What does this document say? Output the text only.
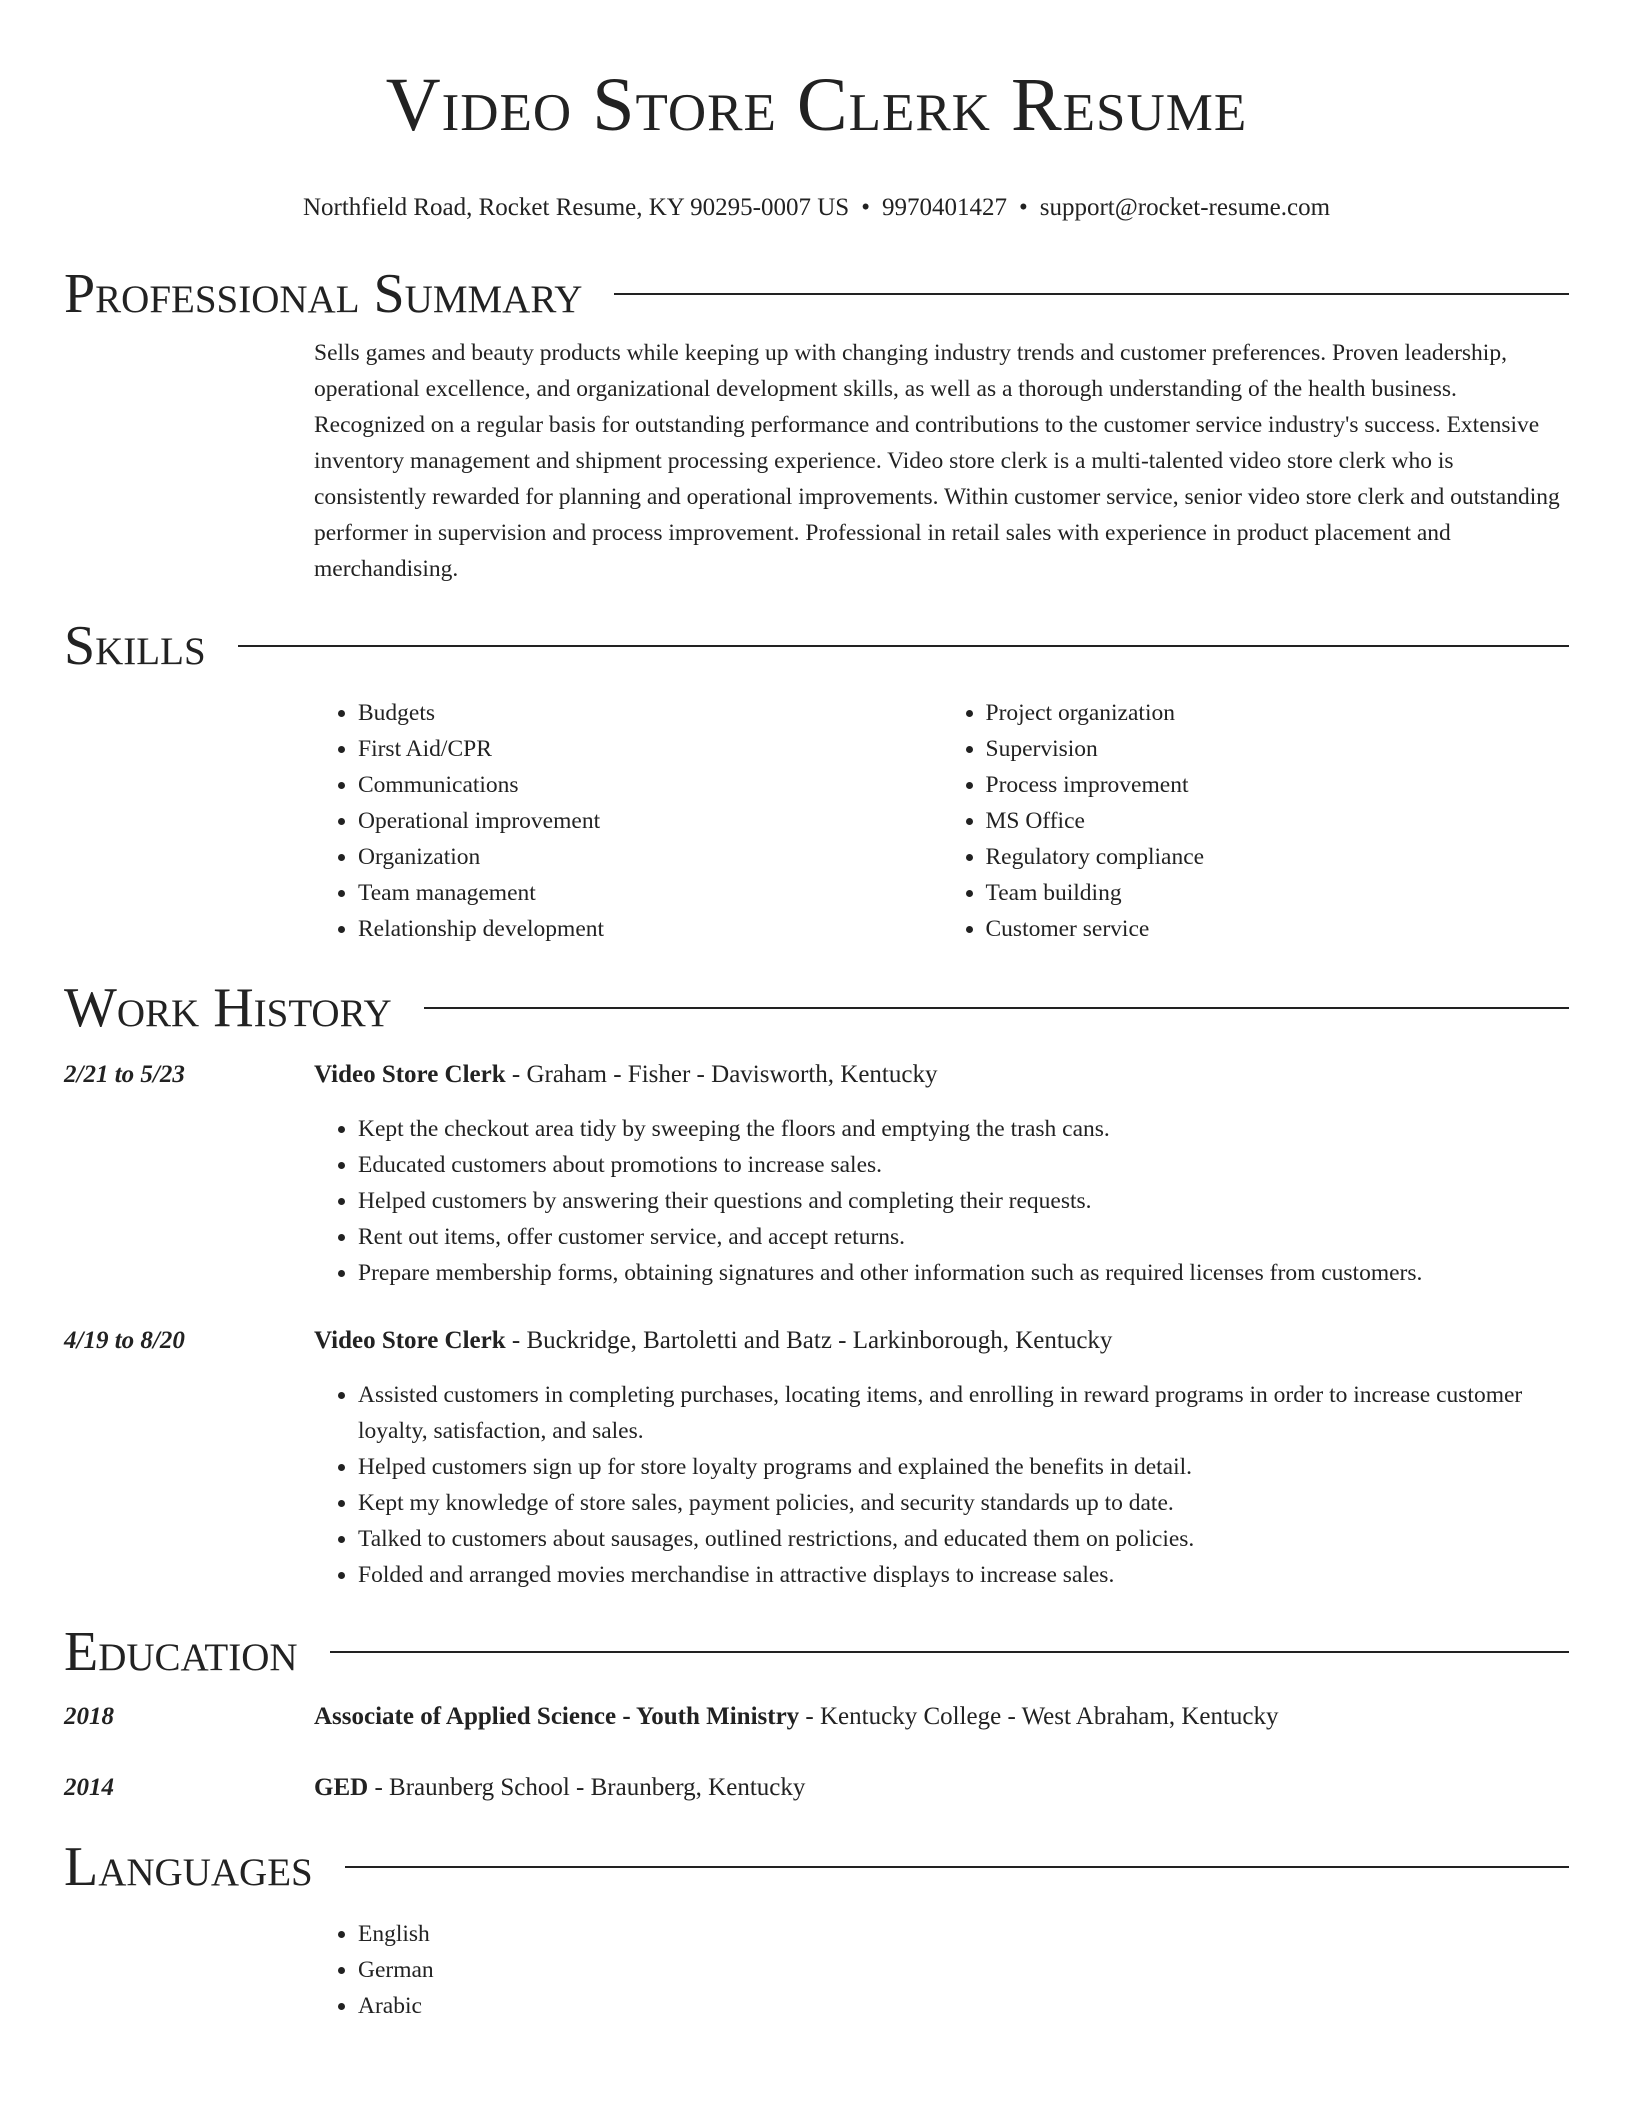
Video Store Clerk Resume
Northfield Road, Rocket Resume, KY 90295-0007 US • 9970401427 • support@rocket-resume.com
Professional Summary

Sells games and beauty products while keeping up with changing industry trends and customer preferences. Proven leadership, operational excellence, and organizational development skills, as well as a thorough understanding of the health business. Recognized on a regular basis for outstanding performance and contributions to the customer service industry's success. Extensive inventory management and shipment processing experience. Video store clerk is a multi-talented video store clerk who is consistently rewarded for planning and operational improvements. Within customer service, senior video store clerk and outstanding performer in supervision and process improvement. Professional in retail sales with experience in product placement and merchandising.

Skills
• Budgets
• First Aid/CPR
• Communications
• Operational improvement
• Organization
• Team management
• Relationship development
• Project organization
• Supervision
• Process improvement
• MS Office
• Regulatory compliance
• Team building
• Customer service
Work History
2/21 to 5/23	Video Store Clerk - Graham - Fisher - Davisworth, Kentucky
• Kept the checkout area tidy by sweeping the floors and emptying the trash cans.
• Educated customers about promotions to increase sales.
• Helped customers by answering their questions and completing their requests.
• Rent out items, offer customer service, and accept returns.
• Prepare membership forms, obtaining signatures and other information such as required licenses from customers.
4/19 to 8/20	Video Store Clerk - Buckridge, Bartoletti and Batz - Larkinborough, Kentucky
• Assisted customers in completing purchases, locating items, and enrolling in reward programs in order to increase customer loyalty, satisfaction, and sales.
• Helped customers sign up for store loyalty programs and explained the benefits in detail.
• Kept my knowledge of store sales, payment policies, and security standards up to date.
• Talked to customers about sausages, outlined restrictions, and educated them on policies.
• Folded and arranged movies merchandise in attractive displays to increase sales.
Education
2018	Associate of Applied Science - Youth Ministry - Kentucky College - West Abraham, Kentucky
2014	GED - Braunberg School - Braunberg, Kentucky
Languages
• English
• German
• Arabic
